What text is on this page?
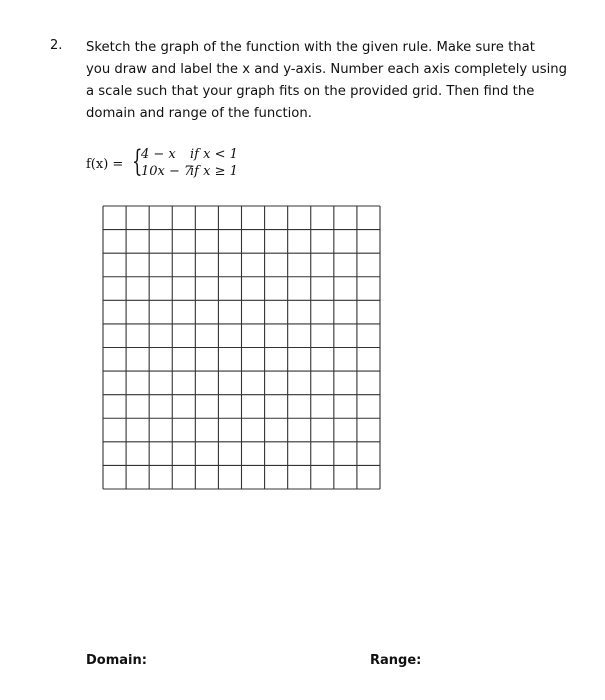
2. Sketch the graph of the function with the given rule. Make sure that
you draw and label the x and y-axis. Number each axis completely using
a scale such that your graph fits on the provided grid. Then find the
domain and range of the function.
f(x) = {
4 − x if x < 1
10x − 7
if x ≥ 1
Domain:	Range:
